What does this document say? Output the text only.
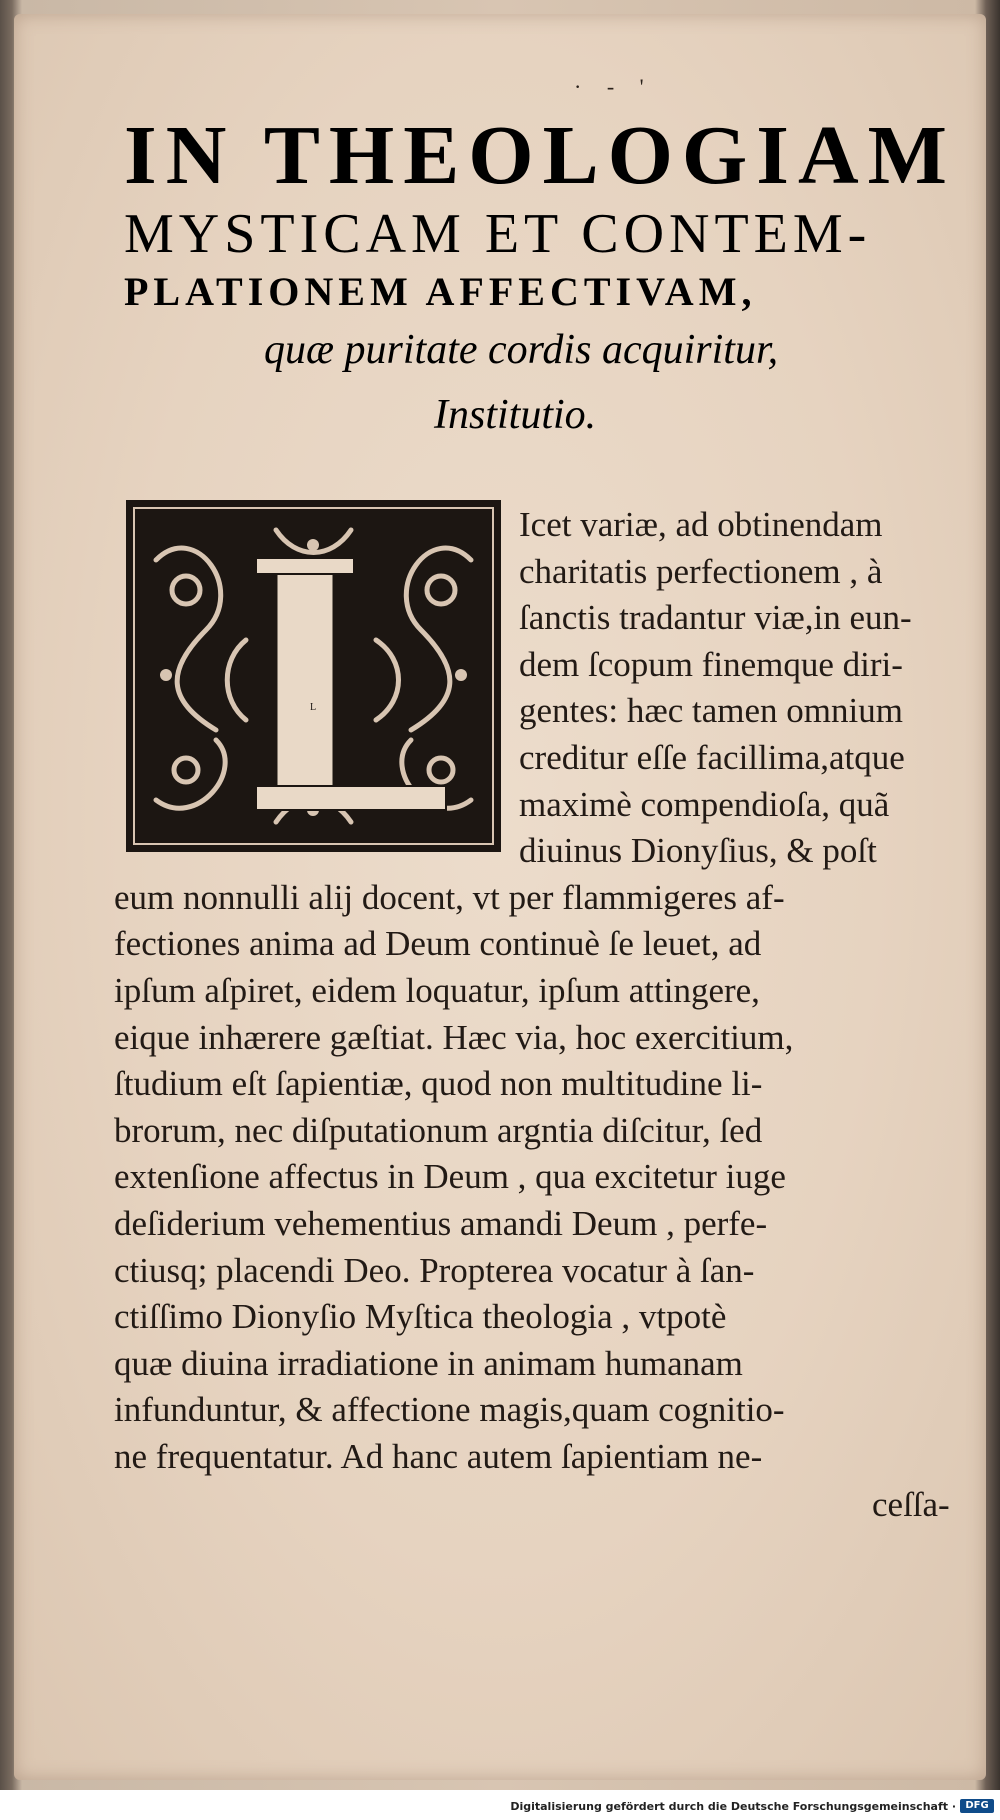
· - '
IN THEOLOGIAM
MYSTICAM ET CONTEM-
PLATIONEM AFFECTIVAM,
quæ puritate cordis acquiritur,
Institutio.
L
Icet variæ, ad obtinendam
charitatis perfectionem , à
ſanctis tradantur viæ,in eun-
dem ſcopum finemque diri-
gentes: hæc tamen omnium
creditur eſſe facillima,atque
maximè compendioſa, quã
diuinus Dionyſius, & poſt
eum nonnulli alij docent, vt per flammigeres af-
fectiones anima ad Deum continuè ſe leuet, ad
ipſum aſpiret, eidem loquatur, ipſum attingere,
eique inhærere gæſtiat. Hæc via, hoc exercitium,
ſtudium eſt ſapientiæ, quod non multitudine li-
brorum, nec diſputationum argntia diſcitur, ſed
extenſione affectus in Deum , qua excitetur iuge
deſiderium vehementius amandi Deum , perfe-
ctiusq; placendi Deo. Propterea vocatur à ſan-
ctiſſimo Dionyſio Myſtica theologia , vtpotè
quæ diuina irradiatione in animam humanam
infunduntur, & affectione magis,quam cognitio-
ne frequentatur. Ad hanc autem ſapientiam ne-
ceſſa-
Digitalisierung gefördert durch die Deutsche Forschungsgemeinschaft · DFG
